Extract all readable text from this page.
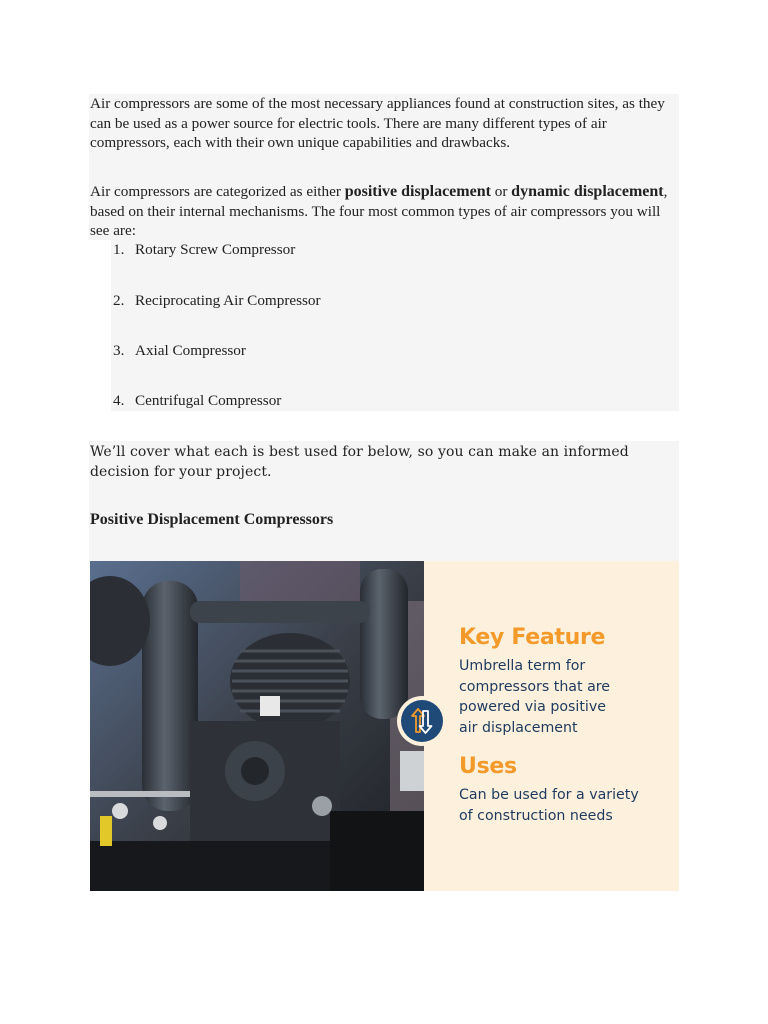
Air compressors are some of the most necessary appliances found at construction sites, as they can be used as a power source for electric tools. There are many different types of air compressors, each with their own unique capabilities and drawbacks.

Air compressors are categorized as either positive displacement or dynamic displacement, based on their internal mechanisms. The four most common types of air compressors you will see are:

1. Rotary Screw Compressor
2. Reciprocating Air Compressor
3. Axial Compressor
4. Centrifugal Compressor

We’ll cover what each is best used for below, so you can make an informed decision for your project.

Positive Displacement Compressors
Key Feature
Umbrella term for compressors that are powered via positive air displacement
Uses
Can be used for a variety of construction needs
